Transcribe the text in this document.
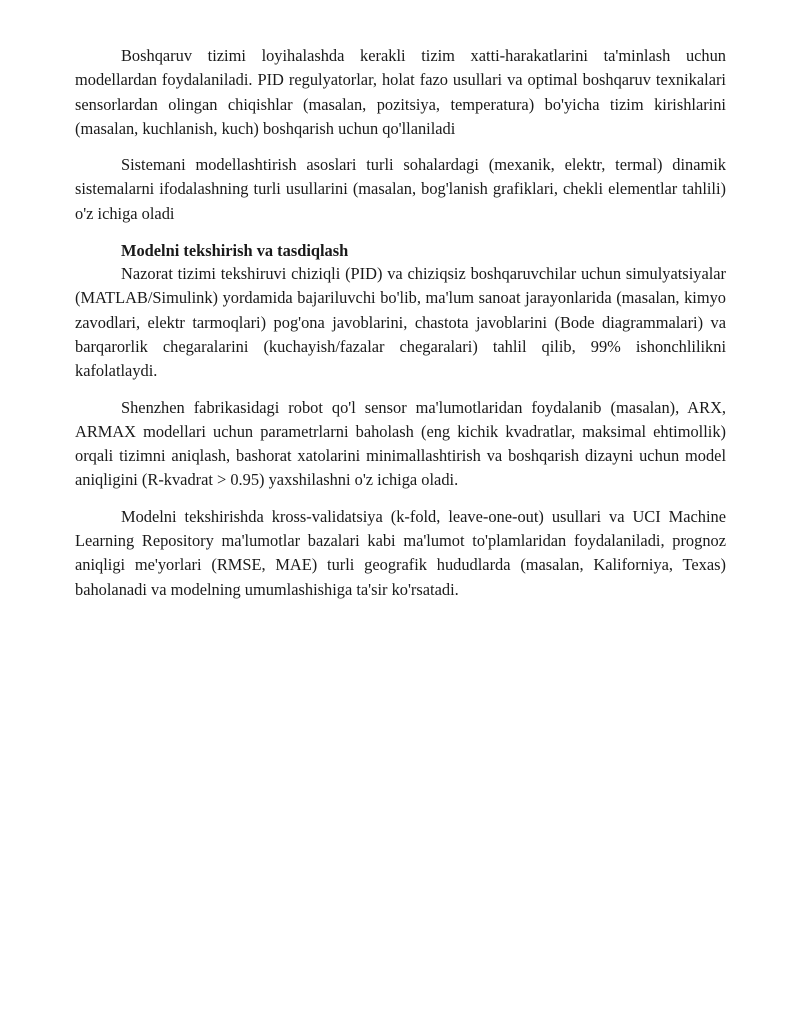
Boshqaruv tizimi loyihalashda kerakli tizim xatti-harakatlarini ta'minlash uchun modellardan foydalaniladi. PID regulyatorlar, holat fazo usullari va optimal boshqaruv texnikalari sensorlardan olingan chiqishlar (masalan, pozitsiya, temperatura) bo'yicha tizim kirishlarini (masalan, kuchlanish, kuch) boshqarish uchun qo'llaniladi

Sistemani modellashtirish asoslari turli sohalardagi (mexanik, elektr, termal) dinamik sistemalarni ifodalashning turli usullarini (masalan, bog'lanish grafiklari, chekli elementlar tahlili) o'z ichiga oladi

Modelni tekshirish va tasdiqlash

Nazorat tizimi tekshiruvi chiziqli (PID) va chiziqsiz boshqaruvchilar uchun simulyatsiyalar (MATLAB/Simulink) yordamida bajariluvchi bo'lib, ma'lum sanoat jarayonlarida (masalan, kimyo zavodlari, elektr tarmoqlari) pog'ona javoblarini, chastota javoblarini (Bode diagrammalari) va barqarorlik chegaralarini (kuchayish/fazalar chegaralari) tahlil qilib, 99% ishonchlilikni kafolatlaydi.

Shenzhen fabrikasidagi robot qo'l sensor ma'lumotlaridan foydalanib (masalan), ARX, ARMAX modellari uchun parametrlarni baholash (eng kichik kvadratlar, maksimal ehtimollik) orqali tizimni aniqlash, bashorat xatolarini minimallashtirish va boshqarish dizayni uchun model aniqligini (R-kvadrat > 0.95) yaxshilashni o'z ichiga oladi.

Modelni tekshirishda kross-validatsiya (k-fold, leave-one-out) usullari va UCI Machine Learning Repository ma'lumotlar bazalari kabi ma'lumot to'plamlaridan foydalaniladi, prognoz aniqligi me'yorlari (RMSE, MAE) turli geografik hududlarda (masalan, Kaliforniya, Texas) baholanadi va modelning umumlashishiga ta'sir ko'rsatadi.
